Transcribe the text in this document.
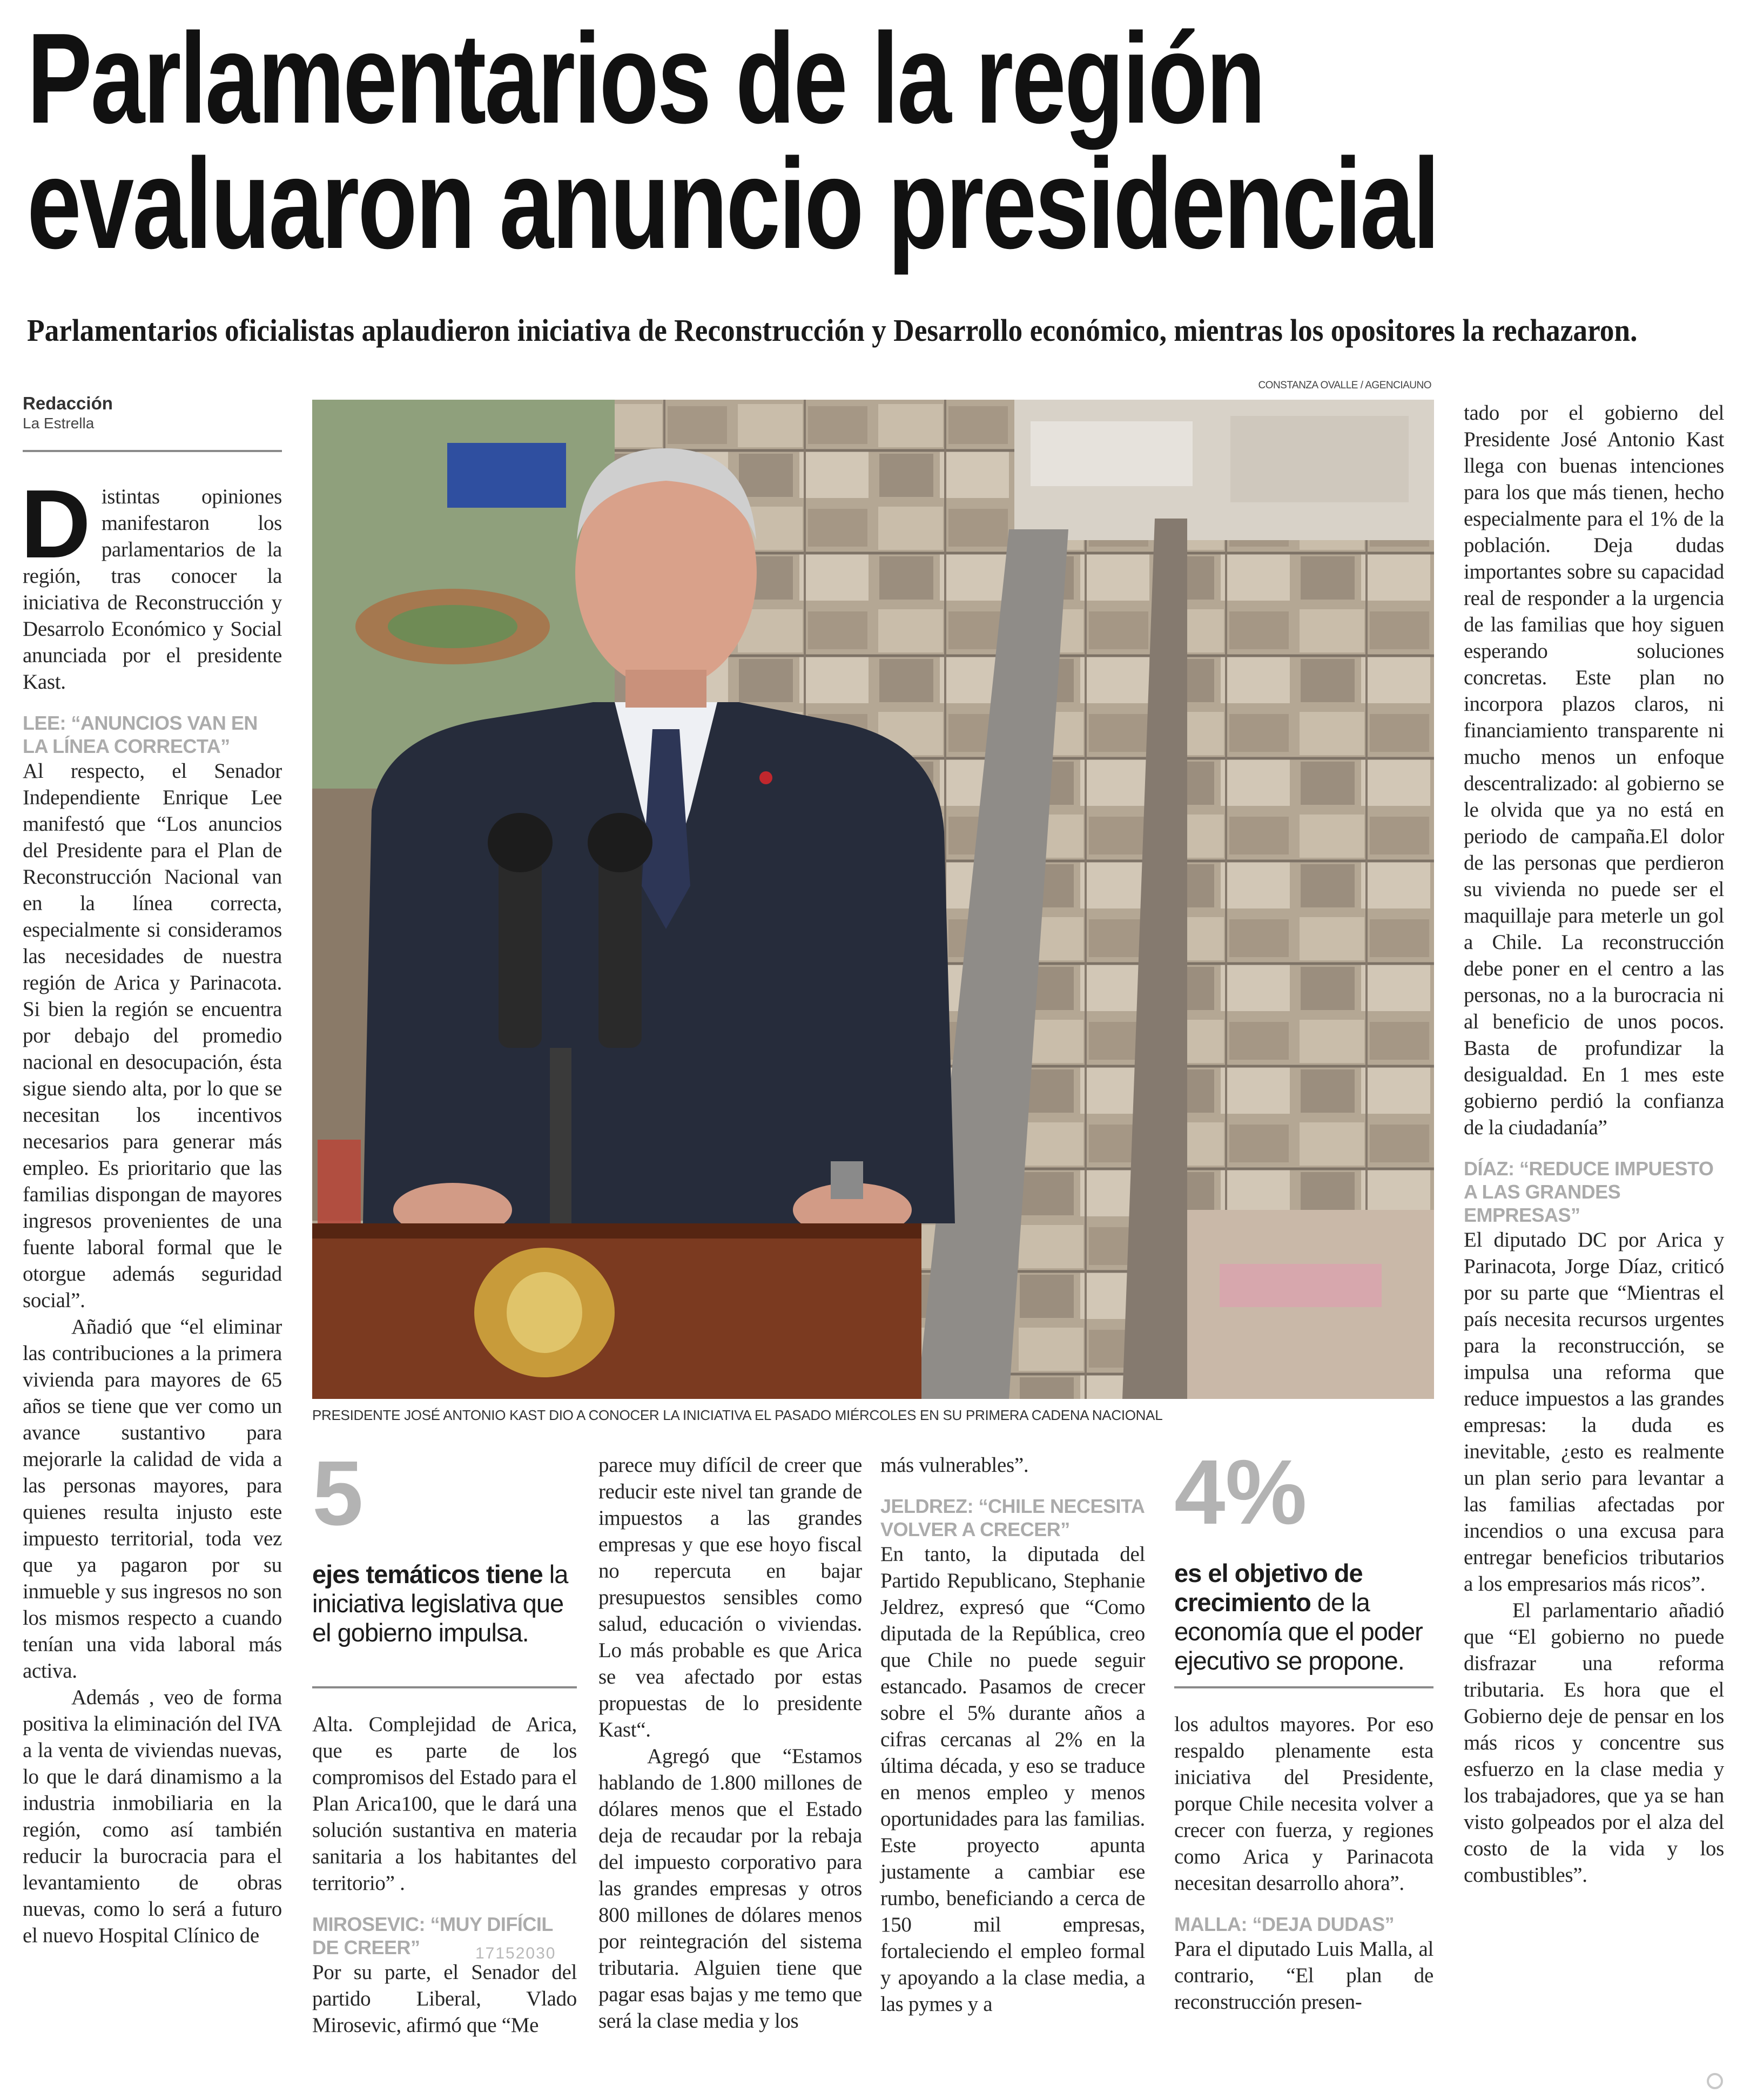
Parlamentarios de la región
evaluaron anuncio presidencial
Parlamentarios oficialistas aplaudieron iniciativa de Reconstrucción y Desarrollo económico, mientras los opositores la rechazaron.
CONSTANZA OVALLE / AGENCIAUNO
Redacción
La Estrella
PRESIDENTE JOSÉ ANTONIO KAST DIO A CONOCER LA INICIATIVA EL PASADO MIÉRCOLES EN SU PRIMERA CADENA NACIONAL

Distintas opiniones manifestaron los parlamentarios de la región, tras conocer la iniciativa de Reconstrucción y Desarrolo Económico y Social anunciada por el presidente Kast.

LEE: “ANUNCIOS VAN EN LA LÍNEA CORRECTA”

Al respecto, el Senador Independiente Enrique Lee manifestó que “Los anuncios del Presidente para el Plan de Reconstrucción Nacional van en la línea correcta, especialmente si consideramos las necesidades de nuestra región de Arica y Parinacota. Si bien la región se encuentra por debajo del promedio nacional en desocupación, ésta sigue siendo alta, por lo que se necesitan los incentivos necesarios para generar más empleo. Es prioritario que las familias dispongan de mayores ingresos provenientes de una fuente laboral formal que le otorgue además seguridad social”.

Añadió que “el eliminar las contribuciones a la primera vivienda para mayores de 65 años se tiene que ver como un avance sustantivo para mejorarle la calidad de vida a las personas mayores, para quienes resulta injusto este impuesto territorial, toda vez que ya pagaron por su inmueble y sus ingresos no son los mismos respecto a cuando tenían una vida laboral más activa.

Además , veo de forma positiva la eliminación del IVA a la venta de viviendas nuevas, lo que le dará dinamismo a la industria inmobiliaria en la región, como así también reducir la burocracia para el levantamiento de obras nuevas, como lo será a futuro el nuevo Hospital Clínico de

5
ejes temáticos tiene la iniciativa legislativa que el gobierno impulsa.

Alta. Complejidad de Arica, que es parte de los compromisos del Estado para el Plan Arica100, que le dará una solución sustantiva en materia sanitaria a los habitantes del territorio” .

MIROSEVIC: “MUY DIFÍCIL DE CREER”

Por su parte, el Senador del partido Liberal, Vlado Mirosevic, afirmó que “Me

17152030

parece muy difícil de creer que reducir este nivel tan grande de impuestos a las grandes empresas y que ese hoyo fiscal no repercuta en bajar presupuestos sensibles como salud, educación o viviendas. Lo más probable es que Arica se vea afectado por estas propuestas de lo presidente Kast“.

Agregó que “Estamos hablando de 1.800 millones de dólares menos que el Estado deja de recaudar por la rebaja del impuesto corporativo para las grandes empresas y otros 800 millones de dólares menos por reintegración del sistema tributaria. Alguien tiene que pagar esas bajas y me temo que será la clase media y los

más vulnerables”.

JELDREZ: “CHILE NECESITA VOLVER A CRECER”

En tanto, la diputada del Partido Republicano, Stephanie Jeldrez, expresó que “Como diputada de la República, creo que Chile no puede seguir estancado. Pasamos de crecer sobre el 5% durante años a cifras cercanas al 2% en la última década, y eso se traduce en menos empleo y menos oportunidades para las familias. Este proyecto apunta justamente a cambiar ese rumbo, beneficiando a cerca de 150 mil empresas, fortaleciendo el empleo formal y apoyando a la clase media, a las pymes y a

4%
es el objetivo de crecimiento de la economía que el poder ejecutivo se propone.

los adultos mayores. Por eso respaldo plenamente esta iniciativa del Presidente, porque Chile necesita volver a crecer con fuerza, y regiones como Arica y Parinacota necesitan desarrollo ahora”.

MALLA: “DEJA DUDAS”

Para el diputado Luis Malla, al contrario, “El plan de reconstrucción presen-

tado por el gobierno del Presidente José Antonio Kast llega con buenas intenciones para los que más tienen, hecho especialmente para el 1% de la población. Deja dudas importantes sobre su capacidad real de responder a la urgencia de las familias que hoy siguen esperando soluciones concretas. Este plan no incorpora plazos claros, ni financiamiento transparente ni mucho menos un enfoque descentralizado: al gobierno se le olvida que ya no está en periodo de campaña.El dolor de las personas que perdieron su vivienda no puede ser el maquillaje para meterle un gol a Chile. La reconstrucción debe poner en el centro a las personas, no a la burocracia ni al beneficio de unos pocos. Basta de profundizar la desigualdad. En 1 mes este gobierno perdió la confianza de la ciudadanía”

DÍAZ: “REDUCE IMPUESTO A LAS GRANDES EMPRESAS”

El diputado DC por Arica y Parinacota, Jorge Díaz, criticó por su parte que “Mientras el país necesita recursos urgentes para la reconstrucción, se impulsa una reforma que reduce impuestos a las grandes empresas: la duda es inevitable, ¿esto es realmente un plan serio para levantar a las familias afectadas por incendios o una excusa para entregar beneficios tributarios a los empresarios más ricos”.

El parlamentario añadió que “El gobierno no puede disfrazar una reforma tributaria. Es hora que el Gobierno deje de pensar en los más ricos y concentre sus esfuerzo en la clase media y los trabajadores, que ya se han visto golpeados por el alza del costo de la vida y los combustibles”.
